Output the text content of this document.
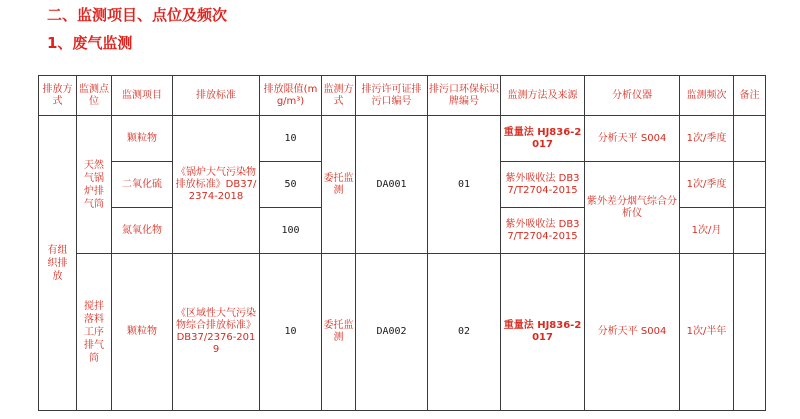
二、监测项目、点位及频次
1、废气监测
排放方式	监测点位	监测项目	排放标准	排放限值(mg/m³)	监测方式	排污许可证排污口编号	排污口环保标识牌编号	监测方法及来源	分析仪器	监测频次	备注
有组织排放	天然气锅炉排气筒	颗粒物	《锅炉大气污染物排放标准》DB37/2374-2018	10	委托监测	DA001	01	重量法 HJ836-2017	分析天平 S004	1次/季度	
		二氧化硫		50				紫外吸收法 DB37/T2704-2015	紫外差分烟气综合分析仪	1次/季度	
		氮氧化物		100				紫外吸收法 DB37/T2704-2015		1次/月	
	搅拌落料工序排气筒	颗粒物	《区域性大气污染物综合排放标准》DB37/2376-2019	10	委托监测	DA002	02	重量法 HJ836-2017	分析天平 S004	1次/半年	
